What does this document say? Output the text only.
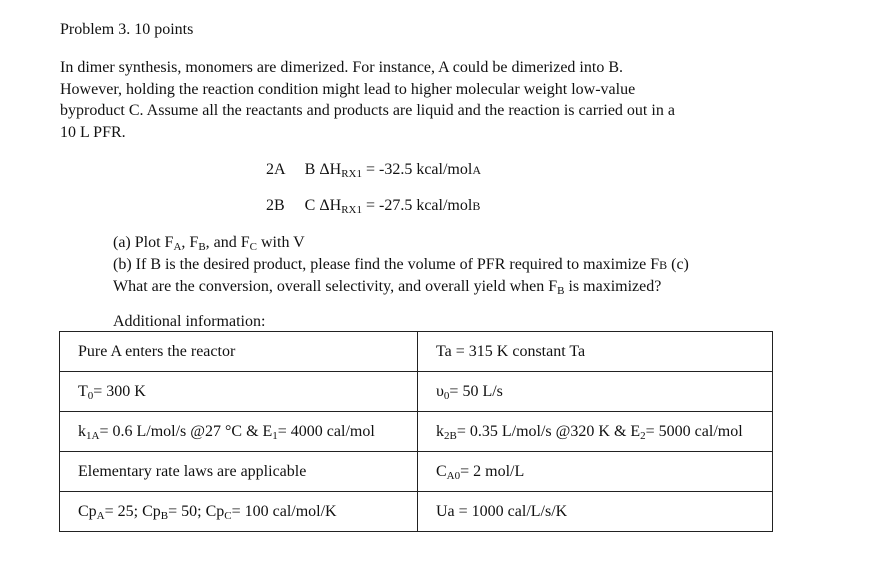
Problem 3. 10 points
In dimer synthesis, monomers are dimerized. For instance, A could be dimerized into B.
However, holding the reaction condition might lead to higher molecular weight low-value
byproduct C. Assume all the reactants and products are liquid and the reaction is carried out in a
10 L PFR.
2A B $\Delta H_{RX1} = -32.5$ kcal/molA
2B C $\Delta H_{RX1} = -27.5$ kcal/molB
(a) Plot $F_A$, $F_B$, and $F_C$ with V
(b) If B is the desired product, please find the volume of PFR required to maximize FB (c)
What are the conversion, overall selectivity, and overall yield when $F_B$ is maximized?
Additional information:
Pure A enters the reactor	Ta = 315 K constant Ta
$T_0= 300$ K	$\upsilon_0= 50$ L/s
$k_{1A}= 0.6$ L/mol/s @27 °C & $E_1= 4000$ cal/mol	$k_{2B}= 0.35$ L/mol/s @320 K & $E_2= 5000$ cal/mol
Elementary rate laws are applicable	$C_{A0}= 2$ mol/L
$Cp_A= 25$; $Cp_B= 50$; $Cp_C= 100$ cal/mol/K	Ua = 1000 cal/L/s/K
